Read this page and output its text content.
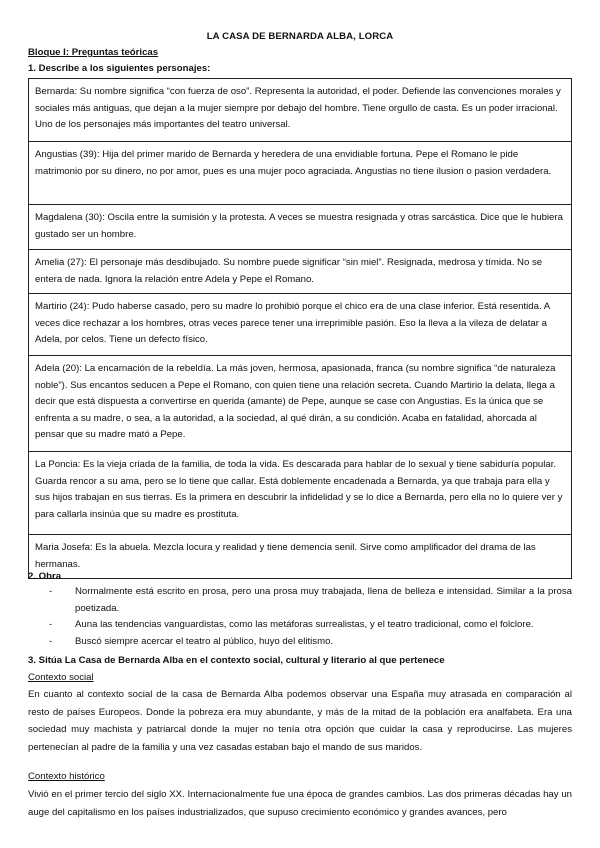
LA CASA DE BERNARDA ALBA, LORCA
Bloque I: Preguntas teóricas
1. Describe a los siguientes personajes:
Bernarda: Su nombre significa “con fuerza de oso”. Representa la autoridad, el poder. Defiende las convenciones morales y sociales más antiguas, que dejan a la mujer siempre por debajo del hombre. Tiene orgullo de casta. Es un poder irracional. Uno de los personajes más importantes del teatro universal.
Angustias (39): Hija del primer marido de Bernarda y heredera de una envidiable fortuna. Pepe el Romano le pide matrimonio por su dinero, no por amor, pues es una mujer poco agraciada. Angustias no tiene ilusion o pasion verdadera.
Magdalena (30): Oscila entre la sumisión y la protesta. A veces se muestra resignada y otras sarcástica. Dice que le hubiera gustado ser un hombre.
Amelia (27): El personaje más desdibujado. Su nombre puede significar “sin miel”. Resignada, medrosa y tímida. No se entera de nada. Ignora la relación entre Adela y Pepe el Romano.
Martirio (24): Pudo haberse casado, pero su madre lo prohibió porque el chico era de una clase inferior. Está resentida. A veces dice rechazar a los hombres, otras veces parece tener una irreprimible pasión. Eso la lleva a la vileza de delatar a Adela, por celos. Tiene un defecto físico.
Adela (20): La encarnación de la rebeldía. La más joven, hermosa, apasionada, franca (su nombre significa “de naturaleza noble”). Sus encantos seducen a Pepe el Romano, con quien tiene una relación secreta. Cuando Martirio la delata, llega a decir que está dispuesta a convertirse en querida (amante) de Pepe, aunque se case con Angustias. Es la única que se enfrenta a su madre, o sea, a la autoridad, a la sociedad, al qué dirán, a su condición. Acaba en fatalidad, ahorcada al pensar que su madre mató a Pepe.
La Poncia: Es la vieja criada de la familia, de toda la vida. Es descarada para hablar de lo sexual y tiene sabiduría popular. Guarda rencor a su ama, pero se lo tiene que callar. Está doblemente encadenada a Bernarda, ya que trabaja para ella y sus hijos trabajan en sus tierras. Es la primera en descubrir la infidelidad y se lo dice a Bernarda, pero ella no lo quiere ver y para callarla insinúa que su madre es prostituta.
Maria Josefa: Es la abuela. Mezcla locura y realidad y tiene demencia senil. Sirve como amplificador del drama de las hermanas.
2. Obra
- Normalmente está escrito en prosa, pero una prosa muy trabajada, llena de belleza e intensidad. Similar a la prosa poetizada.
- Auna las tendencias vanguardistas, como las metáforas surrealistas, y el teatro tradicional, como el folclore.
- Buscó siempre acercar el teatro al público, huyo del elitismo.
3. Sitúa La Casa de Bernarda Alba en el contexto social, cultural y literario al que pertenece
Contexto social

En cuanto al contexto social de la casa de Bernarda Alba podemos observar una España muy atrasada en comparación al resto de países Europeos. Donde la pobreza era muy abundante, y más de la mitad de la población era analfabeta. Era una sociedad muy machista y patriarcal donde la mujer no tenía otra opción que cuidar la casa y reproducirse. Las mujeres pertenecían al padre de la familia y una vez casadas estaban bajo el mando de sus maridos.

Contexto histórico

Vivió en el primer tercio del siglo XX. Internacionalmente fue una época de grandes cambios. Las dos primeras décadas hay un auge del capitalismo en los países industrializados, que supuso crecimiento económico y grandes avances, pero
